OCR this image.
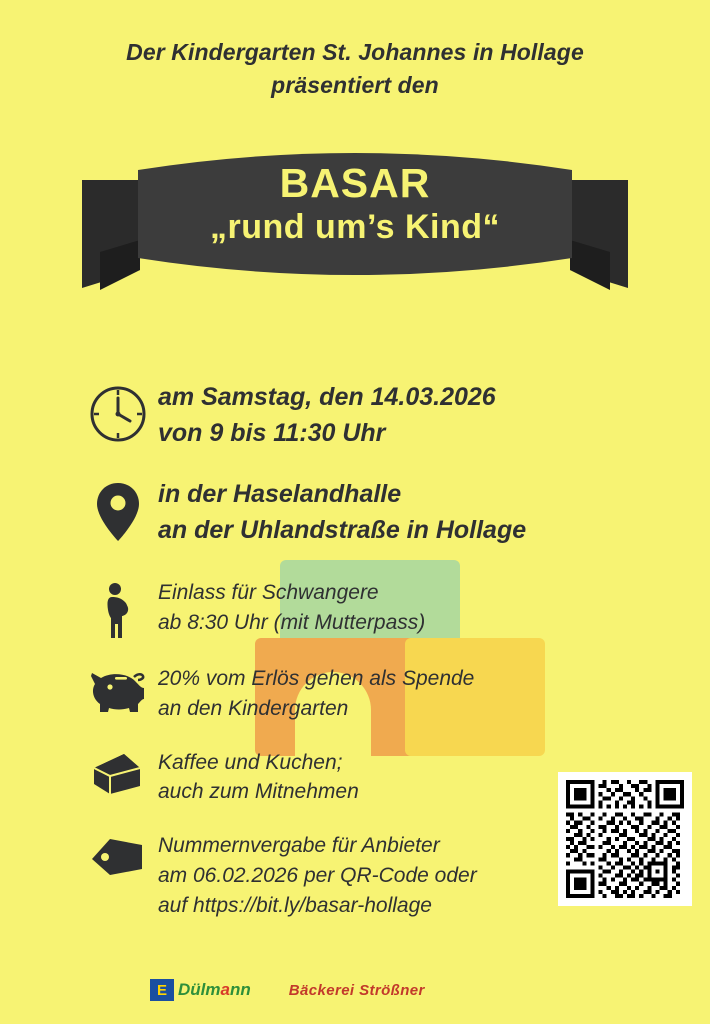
Der Kindergarten St. Johannes in Hollage
präsentiert den
BASAR
„rund um’s Kind“
am Samstag, den 14.03.2026
von 9 bis 11:30 Uhr
in der Haselandhalle
an der Uhlandstraße in Hollage
Einlass für Schwangere
ab 8:30 Uhr (mit Mutterpass)
20% vom Erlös gehen als Spende
an den Kindergarten
Kaffee und Kuchen;
auch zum Mitnehmen
Nummernvergabe für Anbieter
am 06.02.2026 per QR-Code oder
auf https://bit.ly/basar-hollage
E Dülmann	Bäckerei Strößner
